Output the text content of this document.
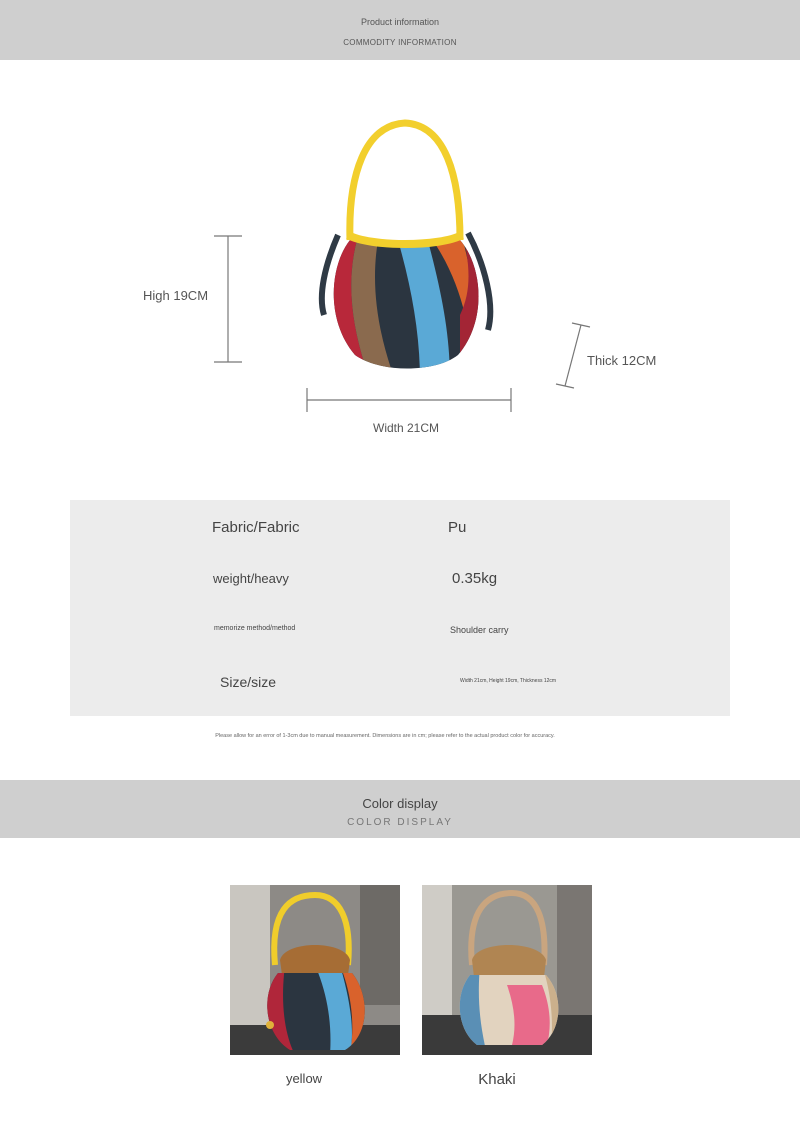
Product information
COMMODITY INFORMATION
High 19CM
Thick 12CM
Width 21CM
Fabric/Fabric	Pu
weight/heavy	0.35kg
memorize method/method	Shoulder carry
Size/size	Width 21cm, Height 19cm, Thickness 12cm
Please allow for an error of 1-3cm due to manual measurement. Dimensions are in cm; please refer to the actual product color for accuracy.
Color display
COLOR DISPLAY
yellow	Khaki
